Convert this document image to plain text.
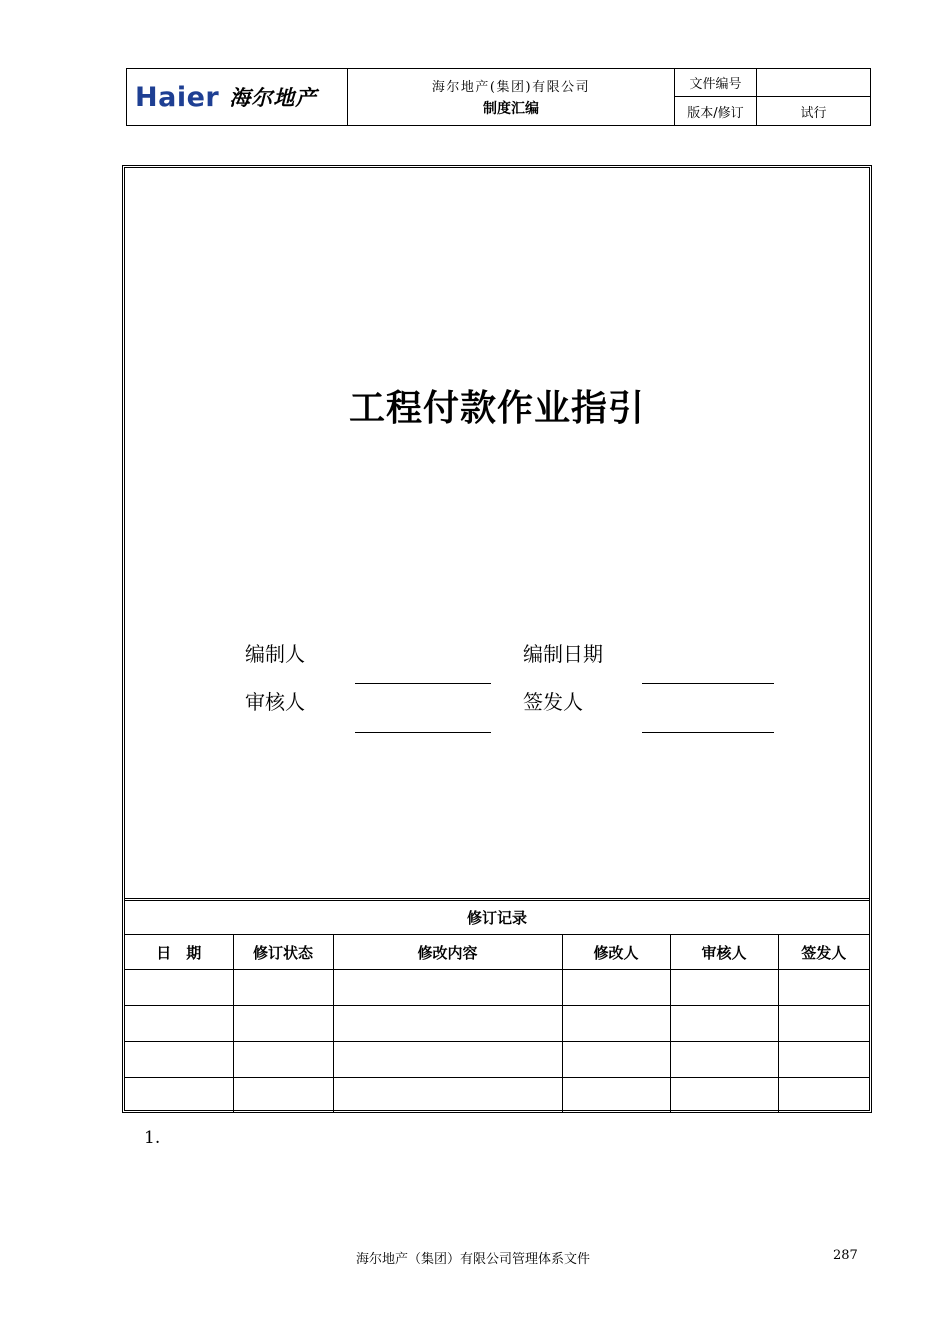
Haier 海尔地产	海尔地产(集团)有限公司
制度汇编
文件编号
版本/修订	试行
工程付款作业指引
编制人	编制日期
审核人	签发人
修订记录					
日　期	修订状态	修改内容	修改人	审核人	签发人

1.
海尔地产（集团）有限公司管理体系文件	287
